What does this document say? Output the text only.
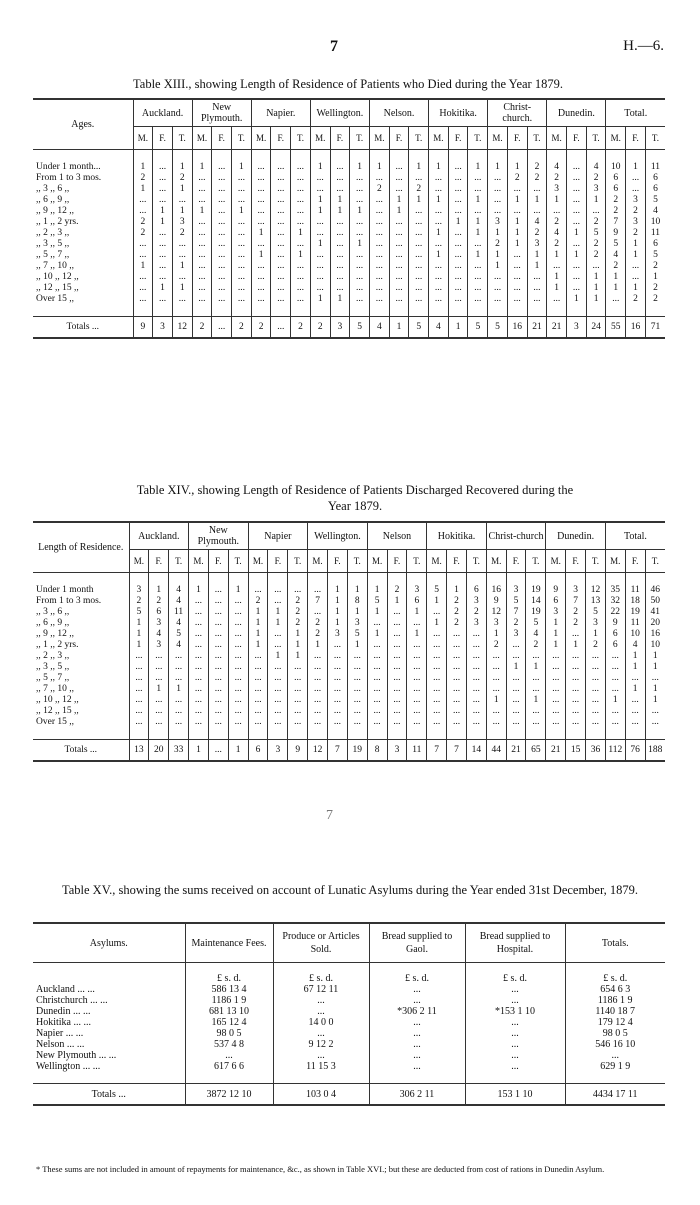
7	H.—6.
Table XIII., showing Length of Residence of Patients who Died during the Year 1879.
Ages.	Auckland.			New Plymouth.			Napier.			Wellington.			Nelson.			Hokitika.			Christ-church.			Dunedin.			Total.		
	M.	F.	T.	M.	F.	T.	M.	F.	T.	M.	F.	T.	M.	F.	T.	M.	F.	T.	M.	F.	T.	M.	F.	T.	M.	F.	T.
Under 1 month...	1	...	1	1	...	1	...	...	...	1	...	1	1	...	1	1	...	1	1	1	2	4	...	4	10	1	11
From 1 to 3 mos.	2	...	2	...	...	...	...	...	...	...	...	...	...	...	...	...	...	...	...	2	2	2	...	2	6	...	6
,, 3 ,, 6 ,,	1	...	1	...	...	...	...	...	...	...	...	...	2	...	2	...	...	...	...	...	...	3	...	3	6	...	6
,, 6 ,, 9 ,,	...	...	...	...	...	...	...	...	...	1	1	...	...	1	1	1	...	1	...	1	1	1	...	1	2	3	5
,, 9 ,, 12 ,,	...	1	1	1	...	1	...	...	...	1	1	1	...	1	...	...	...	...	...	...	...	...	...	...	2	2	4
,, 1 ,, 2 yrs.	2	1	3	...	...	...	...	...	...	...	...	...	...	...	...	...	1	1	3	1	4	2	...	2	7	3	10
,, 2 ,, 3 ,,	2	...	2	...	...	...	1	...	1	...	...	...	...	...	...	1	...	1	1	1	2	4	1	5	9	2	11
,, 3 ,, 5 ,,	...	...	...	...	...	...	...	...	...	1	...	1	...	...	...	...	...	...	2	1	3	2	...	2	5	1	6
,, 5 ,, 7 ,,	...	...	...	...	...	...	1	...	1	...	...	...	...	...	...	1	...	1	1	...	1	1	1	2	4	1	5
,, 7 ,, 10 ,,	1	...	1	...	...	...	...	...	...	...	...	...	...	...	...	...	...	...	1	...	1	...	...	...	2	...	2
,, 10 ,, 12 ,,	...	...	...	...	...	...	...	...	...	...	...	...	...	...	...	...	...	...	...	...	...	1	...	1	1	...	1
,, 12 ,, 15 ,,	...	1	1	...	...	...	...	...	...	...	...	...	...	...	...	...	...	...	...	...	...	1	...	1	1	1	2
Over 15 ,,	...	...	...	...	...	...	...	...	...	1	1	...	...	...	...	...	...	...	...	...	...	...	1	1	...	2	2

Totals ...	9	3	12	2	...	2	2	...	2	2	3	5	4	1	5	4	1	5	5	16	21	21	3	24	55	16	71
Table XIV., showing Length of Residence of Patients Discharged Recovered during the Year 1879.
Length of Residence.	Auckland.			New Plymouth.			Napier			Wellington.			Nelson			Hokitika.			Christ-church			Dunedin.			Total.		
	M.	F.	T.	M.	F.	T.	M.	F.	T.	M.	F.	T.	M.	F.	T.	M.	F.	T.	M.	F.	T.	M.	F.	T.	M.	F.	T.
Under 1 month	3	1	4	1	...	1	...	...	...	...	1	1	1	2	3	5	1	6	16	3	19	9	3	12	35	11	46
From 1 to 3 mos.	2	2	4	...	...	...	2	...	2	7	1	8	5	1	6	1	2	3	9	5	14	6	7	13	32	18	50
,, 3 ,, 6 ,,	5	6	11	...	...	...	1	1	2	...	1	1	1	...	1	...	2	2	12	7	19	3	2	5	22	19	41
,, 6 ,, 9 ,,	1	3	4	...	...	...	1	1	2	2	1	3	...	...	...	1	2	3	3	2	5	1	2	3	9	11	20
,, 9 ,, 12 ,,	1	4	5	...	...	...	1	...	1	2	3	5	1	...	1	...	...	...	1	3	4	1	...	1	6	10	16
,, 1 ,, 2 yrs.	1	3	4	...	...	...	1	...	1	1	...	1	...	...	...	...	...	...	2	...	2	1	1	2	6	4	10
,, 2 ,, 3 ,,	...	...	...	...	...	...	...	1	1	...	...	...	...	...	...	...	...	...	...	...	...	...	...	...	...	1	1
,, 3 ,, 5 ,,	...	...	...	...	...	...	...	...	...	...	...	...	...	...	...	...	...	...	...	1	1	...	...	...	...	1	1
,, 5 ,, 7 ,,	...	...	...	...	...	...	...	...	...	...	...	...	...	...	...	...	...	...	...	...	...	...	...	...	...	...	...
,, 7 ,, 10 ,,	...	1	1	...	...	...	...	...	...	...	...	...	...	...	...	...	...	...	...	...	...	...	...	...	...	1	1
,, 10 ,, 12 ,,	...	...	...	...	...	...	...	...	...	...	...	...	...	...	...	...	...	...	1	...	1	...	...	...	1	...	1
,, 12 ,, 15 ,,	...	...	...	...	...	...	...	...	...	...	...	...	...	...	...	...	...	...	...	...	...	...	...	...	...	...	...
Over 15 ,,	...	...	...	...	...	...	...	...	...	...	...	...	...	...	...	...	...	...	...	...	...	...	...	...	...	...	...

Totals ...	13	20	33	1	...	1	6	3	9	12	7	19	8	3	11	7	7	14	44	21	65	21	15	36	112	76	188
7
Table XV., showing the sums received on account of Lunatic Asylums during the Year ended 31st December, 1879.
Asylums.	Maintenance Fees.	Produce or Articles Sold.	Bread supplied to Gaol.	Bread supplied to Hospital.	Totals.
	£ s. d.	£ s. d.	£ s. d.	£ s. d.	£ s. d.
Auckland ... ...	586 13 4	67 12 11	...	...	654 6 3
Christchurch ... ...	1186 1 9	...	...	...	1186 1 9
Dunedin ... ...	681 13 10	...	*306 2 11	*153 1 10	1140 18 7
Hokitika ... ...	165 12 4	14 0 0	...	...	179 12 4
Napier ... ...	98 0 5	...	...	...	98 0 5
Nelson ... ...	537 4 8	9 12 2	...	...	546 16 10
New Plymouth ... ...	...	...	...	...	...
Wellington ... ...	617 6 6	11 15 3	...	...	629 1 9

Totals ...	3872 12 10	103 0 4	306 2 11	153 1 10	4434 17 11
* These sums are not included in amount of repayments for maintenance, &c., as shown in Table XVI.; but these are deducted from cost of rations in Dunedin Asylum.
